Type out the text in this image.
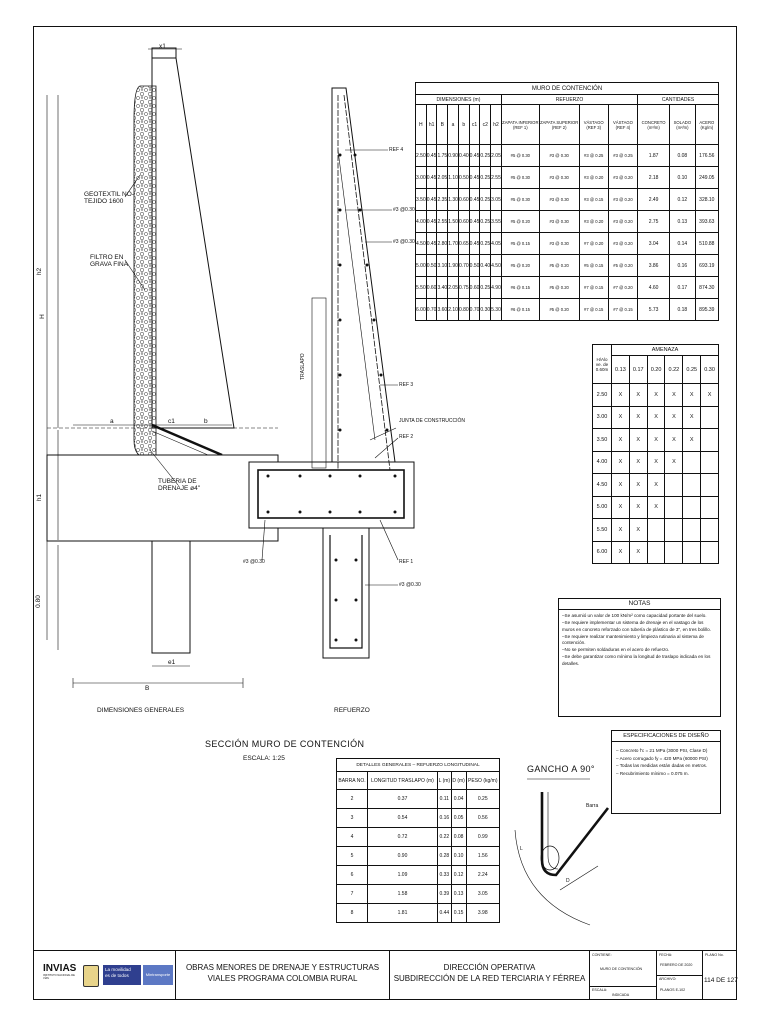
x1
h2
H
h1
0.80
a	c1	b
e1
B
GEOTEXTIL NO-
TEJIDO 1600
FILTRO EN
GRAVA FINA
TUBERIA DE
DRENAJE ø4"
DIMENSIONES GENERALES	REFUERZO
REF 4
#3 @0.30
#3 @0.30
REF 3
JUNTA DE CONSTRUCCIÓN
REF 2
REF 1
#3 @0.30
#3 @0.30
TRASLAPO
SECCIÓN MURO DE CONTENCIÓN
ESCALA: 1:25
GANCHO A 90°
Barra
L
D
MURO DE CONTENCIÓN														
DIMENSIONES (m)								REFUERZO				CANTIDADES		
H	h1	B	a	b	c1	c2	h2	ZAPATA INFERIOR (REF 1)	ZAPATA SUPERIOR (REF 2)	VÁSTAGO (REF 3)	VÁSTAGO (REF 4)	CONCRETO (m³/m)	SOLADO (m²/m)	ACERO (Kg/m)
2.50	0.45	1.75	0.90	0.40	0.45	0.25	2.05	#5 @ 0.30	#3 @ 0.30	#3 @ 0.25	#3 @ 0.25	1.87	0.08	176.56
3.00	0.45	2.05	1.10	0.50	0.45	0.25	2.55	#5 @ 0.30	#3 @ 0.30	#3 @ 0.20	#3 @ 0.20	2.18	0.10	249.05
3.50	0.45	2.35	1.30	0.60	0.45	0.25	3.05	#5 @ 0.30	#3 @ 0.30	#3 @ 0.15	#3 @ 0.20	2.49	0.12	328.10
4.00	0.45	2.55	1.50	0.60	0.45	0.25	3.55	#5 @ 0.20	#3 @ 0.30	#3 @ 0.20	#3 @ 0.20	2.75	0.13	393.63
4.50	0.45	2.80	1.70	0.65	0.45	0.25	4.05	#5 @ 0.15	#3 @ 0.30	#7 @ 0.20	#3 @ 0.20	3.04	0.14	510.88
5.00	0.50	3.10	1.90	0.70	0.50	0.40	4.50	#5 @ 0.20	#5 @ 0.20	#5 @ 0.15	#5 @ 0.20	3.86	0.16	693.19
5.50	0.60	3.40	2.05	0.75	0.60	0.25	4.90	#6 @ 0.15	#5 @ 0.20	#7 @ 0.15	#7 @ 0.20	4.60	0.17	874.30
6.00	0.70	3.60	2.10	0.80	0.70	0.30	5.30	#6 @ 0.15	#5 @ 0.20	#7 @ 0.15	#7 @ 0.15	5.73	0.18	895.39
H/Alo ve. de 0.60m	AMENAZA					
	0.13	0.17	0.20	0.22	0.25	0.30
2.50	X	X	X	X	X	X
3.00	X	X	X	X	X	
3.50	X	X	X	X	X	
4.00	X	X	X	X		
4.50	X	X	X			
5.00	X	X	X			
5.50	X	X				
6.00	X	X				
NOTAS
–Se asumió un valor de 100 kN/m² como capacidad portante del suelo.
–Se requiere implementar un sistema de drenaje en el vastago de los muros en concreto reforzado con tubería de plástico de 3", en tres bolillo.
–Se requiere realizar mantenimiento y limpieza rutinaria al sistema de contención.
–No se permiten soldaduras en el acero de refuerzo.
–Se debe garantizar como mínimo la longitud de traslapo indicada en los detalles.
ESPECIFICACIONES DE DISEÑO
– Concreto f'c = 21 MPa (3000 PSI, Clase D)
– Acero corrugado fy = 420 MPa (60000 PSI)
– Todas las medidas están dadas en metros.
– Recubrimiento mínimo = 0.075 m.
DETALLES GENERALES – REFUERZO LONGITUDINAL				
BARRA NO.	LONGITUD TRASLAPO (m)	L (m)	D (m)	PESO (kg/m)
2	0.37	0.11	0.04	0.25
3	0.54	0.16	0.05	0.56
4	0.72	0.22	0.08	0.99
5	0.90	0.28	0.10	1.56
6	1.09	0.33	0.12	2.24
7	1.58	0.39	0.13	3.05
8	1.81	0.44	0.15	3.98
INVIAS
INSTITUTO NACIONAL DE VÍAS
La movilidad
es de todos	Mintransporte
OBRAS MENORES DE DRENAJE Y ESTRUCTURAS
VIALES PROGRAMA COLOMBIA RURAL
DIRECCIÓN OPERATIVA
SUBDIRECCIÓN DE LA RED TERCIARIA Y FÉRREA
CONTIENE:
MURO DE CONTENCIÓN
ESCALA:
INDICADA
FECHA:
FEBRERO DE 2020
ARCHIVO:
PLANOS E-102
PLANO No.
114 DE 127
